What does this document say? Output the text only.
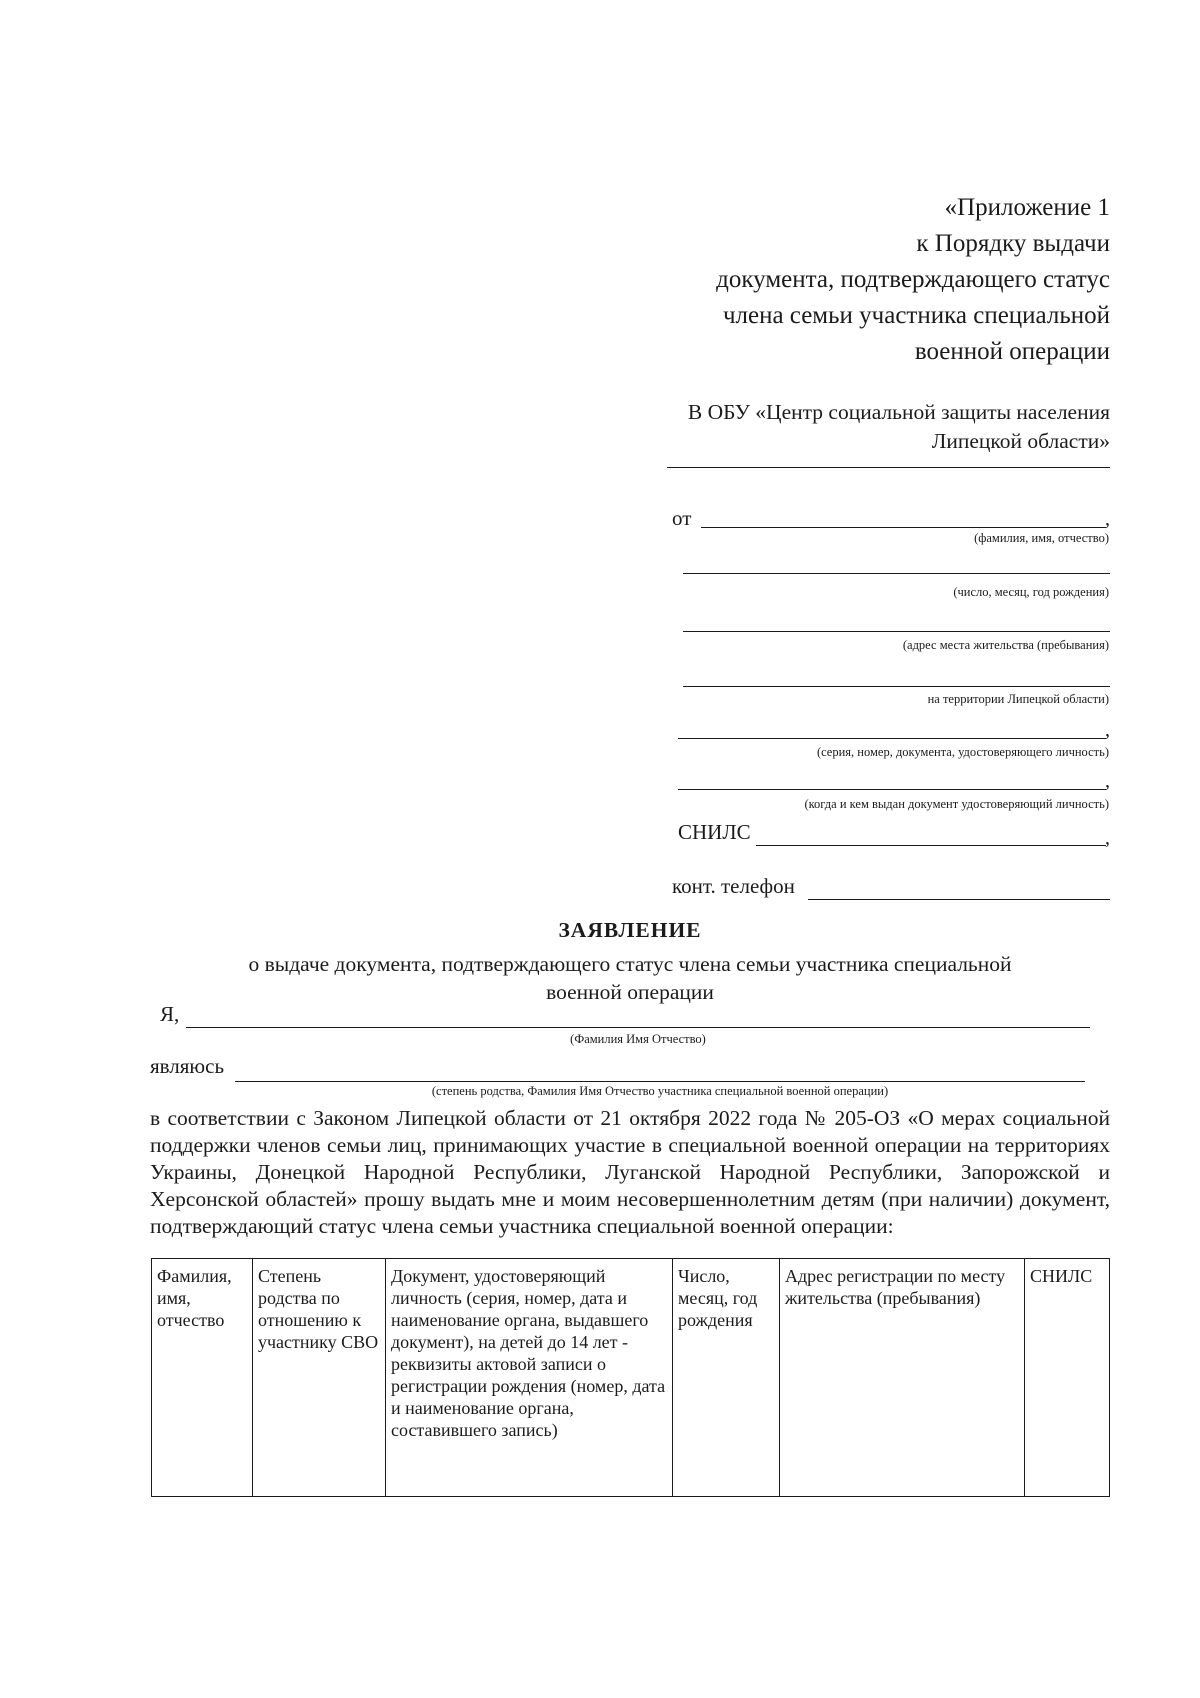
«Приложение 1
к Порядку выдачи
документа, подтверждающего статус
члена семьи участника специальной
военной операции
В ОБУ «Центр социальной защиты населения
Липецкой области»
от	,
(фамилия, имя, отчество)
(число, месяц, год рождения)
(адрес места жительства (пребывания)
на территории Липецкой области)
,
(серия, номер, документа, удостоверяющего личность)
,
(когда и кем выдан документ удостоверяющий личность)
СНИЛС	,
конт. телефон
ЗАЯВЛЕНИЕ
о выдаче документа, подтверждающего статус члена семьи участника специальной военной операции
Я,
(Фамилия Имя Отчество)
являюсь
(степень родства, Фамилия Имя Отчество участника специальной военной операции)
в соответствии с Законом Липецкой области от 21 октября 2022 года № 205-ОЗ «О мерах социальной поддержки членов семьи лиц, принимающих участие в специальной военной операции на территориях Украины, Донецкой Народной Республики, Луганской Народной Республики, Запорожской и Херсонской областей» прошу выдать мне и моим несовершеннолетним детям (при наличии) документ, подтверждающий статус члена семьи участника специальной военной операции:
Фамилия, имя, отчество	Степень родства по отношению к участнику СВО	Документ, удостоверяющий личность (серия, номер, дата и наименование органа, выдавшего документ), на детей до 14 лет - реквизиты актовой записи о регистрации рождения (номер, дата и наименование органа, составившего запись)	Число, месяц, год рождения	Адрес регистрации по месту жительства (пребывания)	СНИЛС
